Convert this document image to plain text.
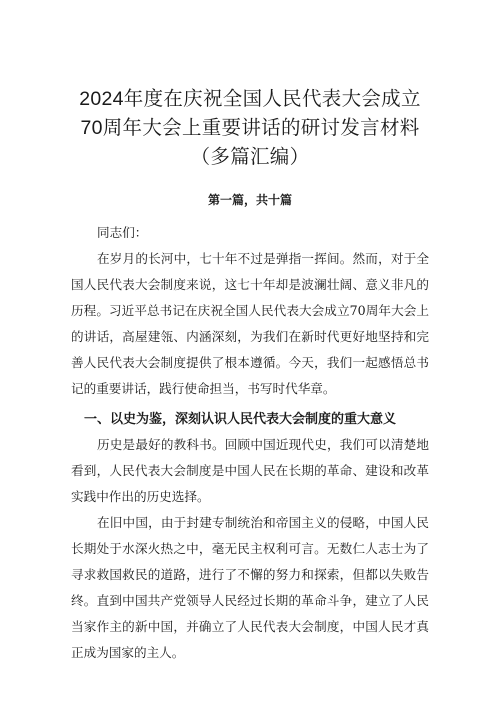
2024年度在庆祝全国人民代表大会成立70周年大会上重要讲话的研讨发言材料（多篇汇编）
第一篇，共十篇

同志们：

在岁月的长河中，七十年不过是弹指一挥间。然而，对于全国人民代表大会制度来说，这七十年却是波澜壮阔、意义非凡的历程。习近平总书记在庆祝全国人民代表大会成立70周年大会上的讲话，高屋建瓴、内涵深刻，为我们在新时代更好地坚持和完善人民代表大会制度提供了根本遵循。今天，我们一起感悟总书记的重要讲话，践行使命担当，书写时代华章。

一、以史为鉴，深刻认识人民代表大会制度的重大意义

历史是最好的教科书。回顾中国近现代史，我们可以清楚地看到，人民代表大会制度是中国人民在长期的革命、建设和改革实践中作出的历史选择。

在旧中国，由于封建专制统治和帝国主义的侵略，中国人民长期处于水深火热之中，毫无民主权利可言。无数仁人志士为了寻求救国救民的道路，进行了不懈的努力和探索，但都以失败告终。直到中国共产党领导人民经过长期的革命斗争，建立了人民当家作主的新中国，并确立了人民代表大会制度，中国人民才真正成为国家的主人。
